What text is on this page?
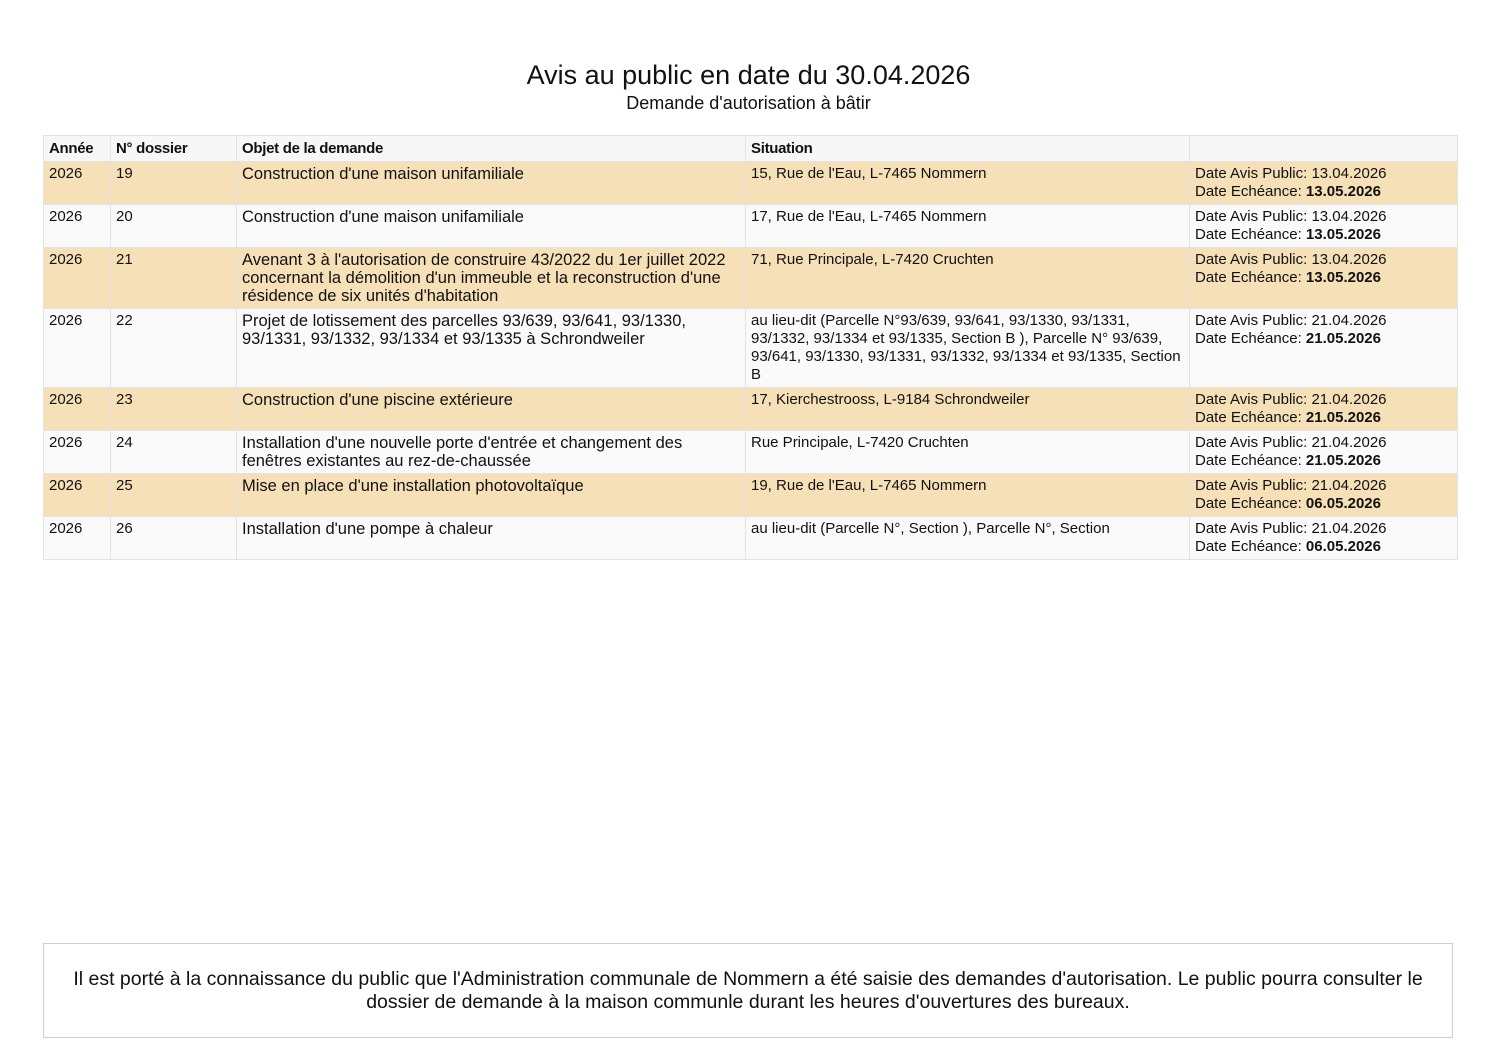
Avis au public en date du 30.04.2026
Demande d'autorisation à bâtir
Année	N° dossier	Objet de la demande	Situation	
2026	19	Construction d'une maison unifamiliale	15, Rue de l'Eau, L-7465 Nommern	Date Avis Public: 13.04.2026
Date Echéance: 13.05.2026

2026	20	Construction d'une maison unifamiliale	17, Rue de l'Eau, L-7465 Nommern	Date Avis Public: 13.04.2026
Date Echéance: 13.05.2026

2026	21	Avenant 3 à l'autorisation de construire 43/2022 du 1er juillet 2022 concernant la démolition d'un immeuble et la reconstruction d'une résidence de six unités d'habitation	71, Rue Principale, L-7420 Cruchten	Date Avis Public: 13.04.2026
Date Echéance: 13.05.2026

2026	22	Projet de lotissement des parcelles 93/639, 93/641, 93/1330, 93/1331, 93/1332, 93/1334 et 93/1335 à Schrondweiler	au lieu-dit (Parcelle N°93/639, 93/641, 93/1330, 93/1331, 93/1332, 93/1334 et 93/1335, Section B ), Parcelle N° 93/639, 93/641, 93/1330, 93/1331, 93/1332, 93/1334 et 93/1335, Section B	Date Avis Public: 21.04.2026
Date Echéance: 21.05.2026

2026	23	Construction d'une piscine extérieure	17, Kierchestrooss, L-9184 Schrondweiler	Date Avis Public: 21.04.2026
Date Echéance: 21.05.2026

2026	24	Installation d'une nouvelle porte d'entrée et changement des fenêtres existantes au rez-de-chaussée	Rue Principale, L-7420 Cruchten	Date Avis Public: 21.04.2026
Date Echéance: 21.05.2026

2026	25	Mise en place d'une installation photovoltaïque	19, Rue de l'Eau, L-7465 Nommern	Date Avis Public: 21.04.2026
Date Echéance: 06.05.2026

2026	26	Installation d'une pompe à chaleur	au lieu-dit (Parcelle N°, Section ), Parcelle N°, Section	Date Avis Public: 21.04.2026
Date Echéance: 06.05.2026
Il est porté à la connaissance du public que l'Administration communale de Nommern a été saisie des demandes d'autorisation. Le public pourra consulter le dossier de demande à la maison communle durant les heures d'ouvertures des bureaux.
